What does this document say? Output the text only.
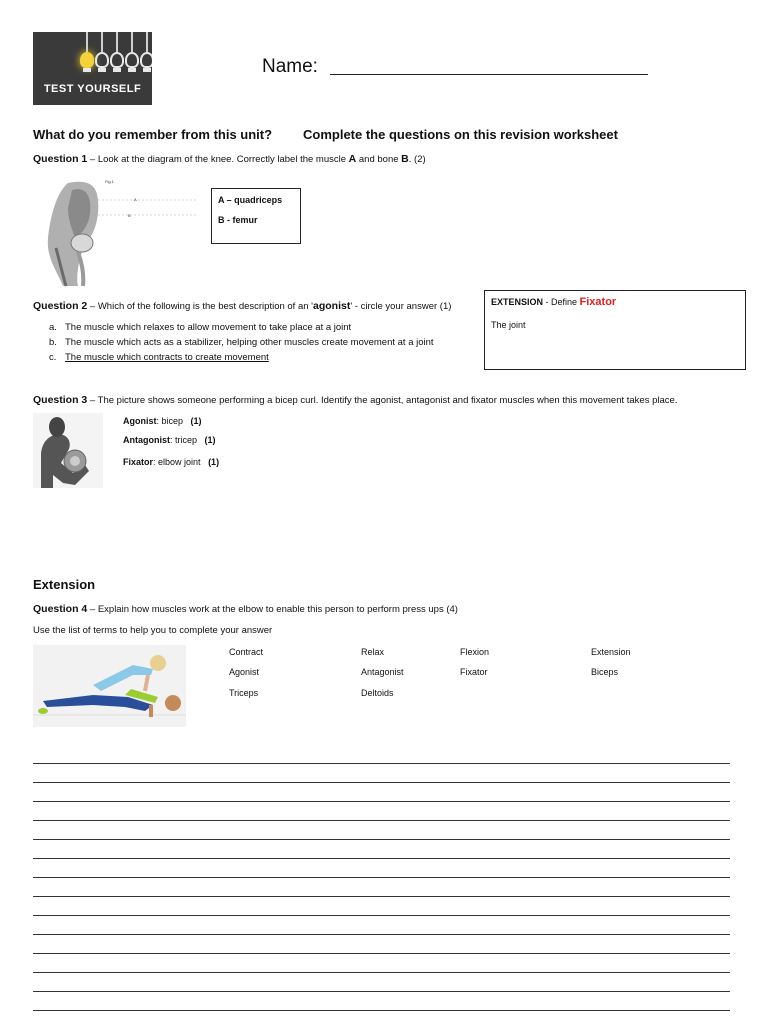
TEST YOURSELF
Name:
What do you remember from this unit? Complete the questions on this revision worksheet
Question 1 – Look at the diagram of the knee. Correctly label the muscle A and bone B. (2)
Fig.1
A
B
A – quadriceps
B - femur
Question 2 – Which of the following is the best description of an 'agonist' - circle your answer (1)
a. The muscle which relaxes to allow movement to take place at a joint
b. The muscle which acts as a stabilizer, helping other muscles create movement at a joint
c. The muscle which contracts to create movement
EXTENSION - Define Fixator
The joint
Question 3 – The picture shows someone performing a bicep curl. Identify the agonist, antagonist and fixator muscles when this movement takes place.
Agonist: bicep (1)
Antagonist: tricep (1)
Fixator: elbow joint (1)
Extension
Question 4 – Explain how muscles work at the elbow to enable this person to perform press ups (4)
Use the list of terms to help you to complete your answer
Contract	Relax	Flexion	Extension
Agonist	Antagonist	Fixator	Biceps
Triceps	Deltoids
